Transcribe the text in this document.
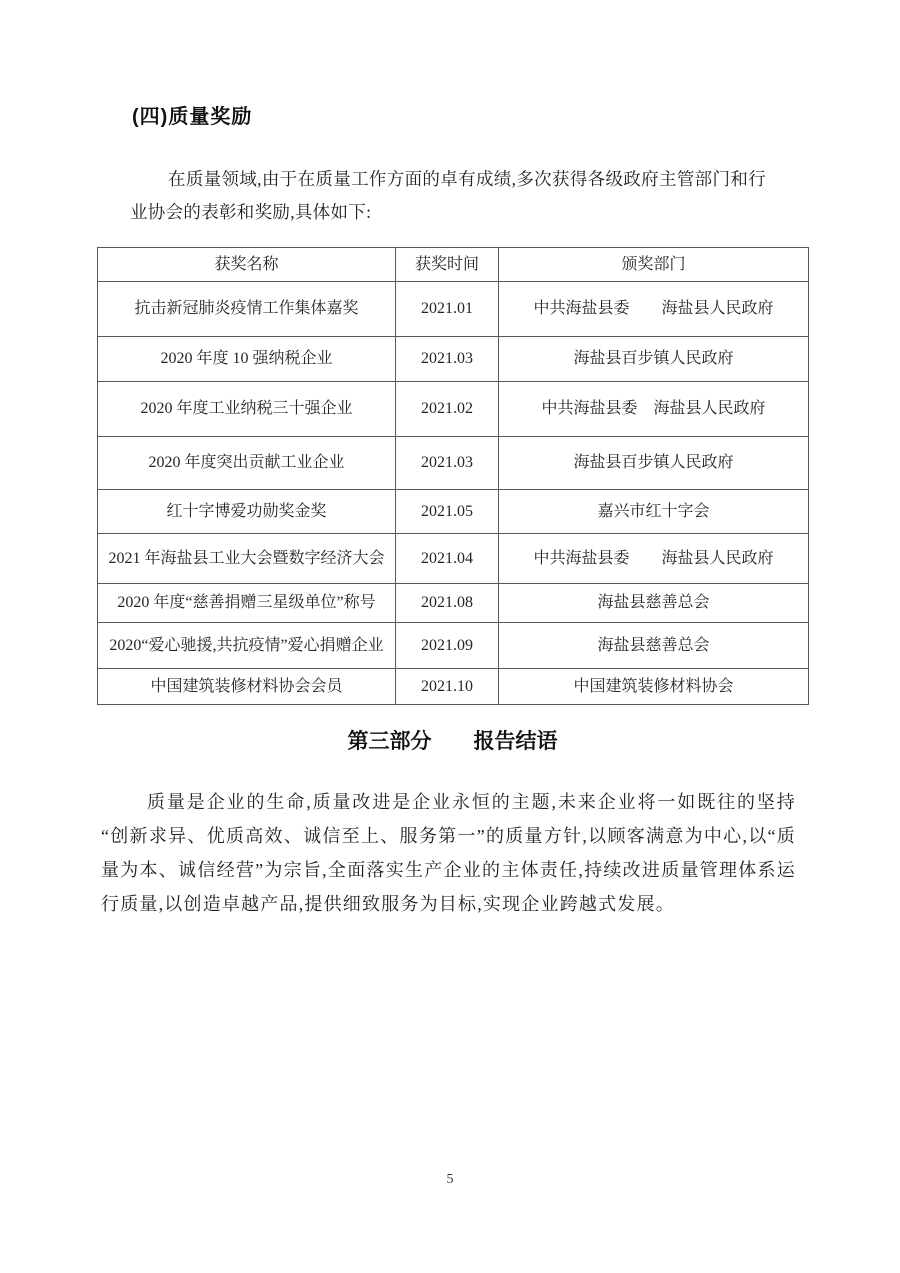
(四)质量奖励

在质量领域,由于在质量工作方面的卓有成绩,多次获得各级政府主管部门和行业协会的表彰和奖励,具体如下:

获奖名称	获奖时间	颁奖部门
抗击新冠肺炎疫情工作集体嘉奖	2021.01	中共海盐县委　　海盐县人民政府
2020 年度 10 强纳税企业	2021.03	海盐县百步镇人民政府
2020 年度工业纳税三十强企业	2021.02	中共海盐县委　海盐县人民政府
2020 年度突出贡献工业企业	2021.03	海盐县百步镇人民政府
红十字博爱功勋奖金奖	2021.05	嘉兴市红十字会
2021 年海盐县工业大会暨数字经济大会	2021.04	中共海盐县委　　海盐县人民政府
2020 年度“慈善捐赠三星级单位”称号	2021.08	海盐县慈善总会
2020“爱心驰援,共抗疫情”爱心捐赠企业	2021.09	海盐县慈善总会
中国建筑装修材料协会会员	2021.10	中国建筑装修材料协会
第三部分　　报告结语

质量是企业的生命,质量改进是企业永恒的主题,未来企业将一如既往的坚持“创新求异、优质高效、诚信至上、服务第一”的质量方针,以顾客满意为中心,以“质量为本、诚信经营”为宗旨,全面落实生产企业的主体责任,持续改进质量管理体系运行质量,以创造卓越产品,提供细致服务为目标,实现企业跨越式发展。

5
